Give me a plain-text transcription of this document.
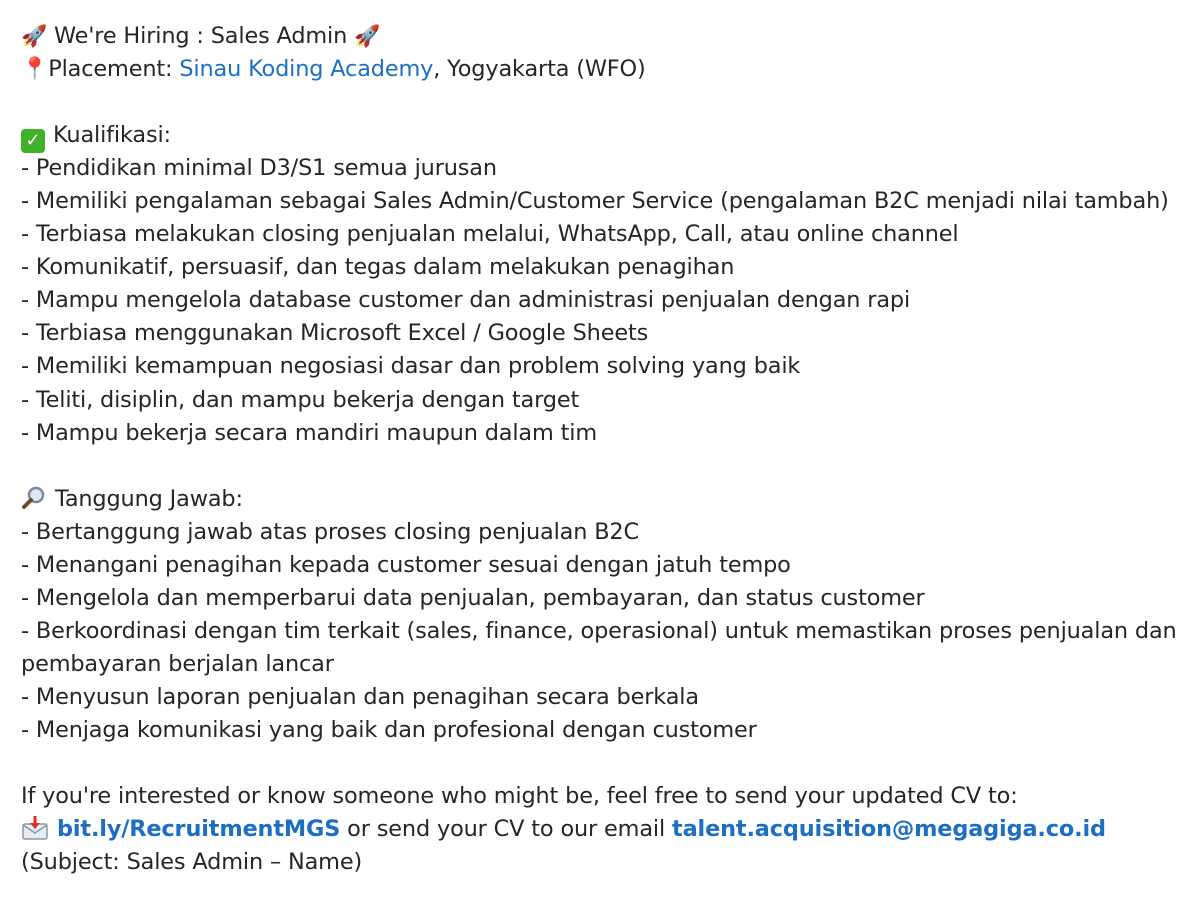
🚀 We're Hiring : Sales Admin 🚀
📍Placement: Sinau Koding Academy, Yogyakarta (WFO)
✓ Kualifikasi:
- Pendidikan minimal D3/S1 semua jurusan
- Memiliki pengalaman sebagai Sales Admin/Customer Service (pengalaman B2C menjadi nilai tambah)
- Terbiasa melakukan closing penjualan melalui, WhatsApp, Call, atau online channel
- Komunikatif, persuasif, dan tegas dalam melakukan penagihan
- Mampu mengelola database customer dan administrasi penjualan dengan rapi
- Terbiasa menggunakan Microsoft Excel / Google Sheets
- Memiliki kemampuan negosiasi dasar dan problem solving yang baik
- Teliti, disiplin, dan mampu bekerja dengan target
- Mampu bekerja secara mandiri maupun dalam tim
Tanggung Jawab:
- Bertanggung jawab atas proses closing penjualan B2C
- Menangani penagihan kepada customer sesuai dengan jatuh tempo
- Mengelola dan memperbarui data penjualan, pembayaran, dan status customer
- Berkoordinasi dengan tim terkait (sales, finance, operasional) untuk memastikan proses penjualan dan
pembayaran berjalan lancar
- Menyusun laporan penjualan dan penagihan secara berkala
- Menjaga komunikasi yang baik dan profesional dengan customer
If you're interested or know someone who might be, feel free to send your updated CV to:
bit.ly/RecruitmentMGS or send your CV to our email talent.acquisition@megagiga.co.id
(Subject: Sales Admin – Name)
